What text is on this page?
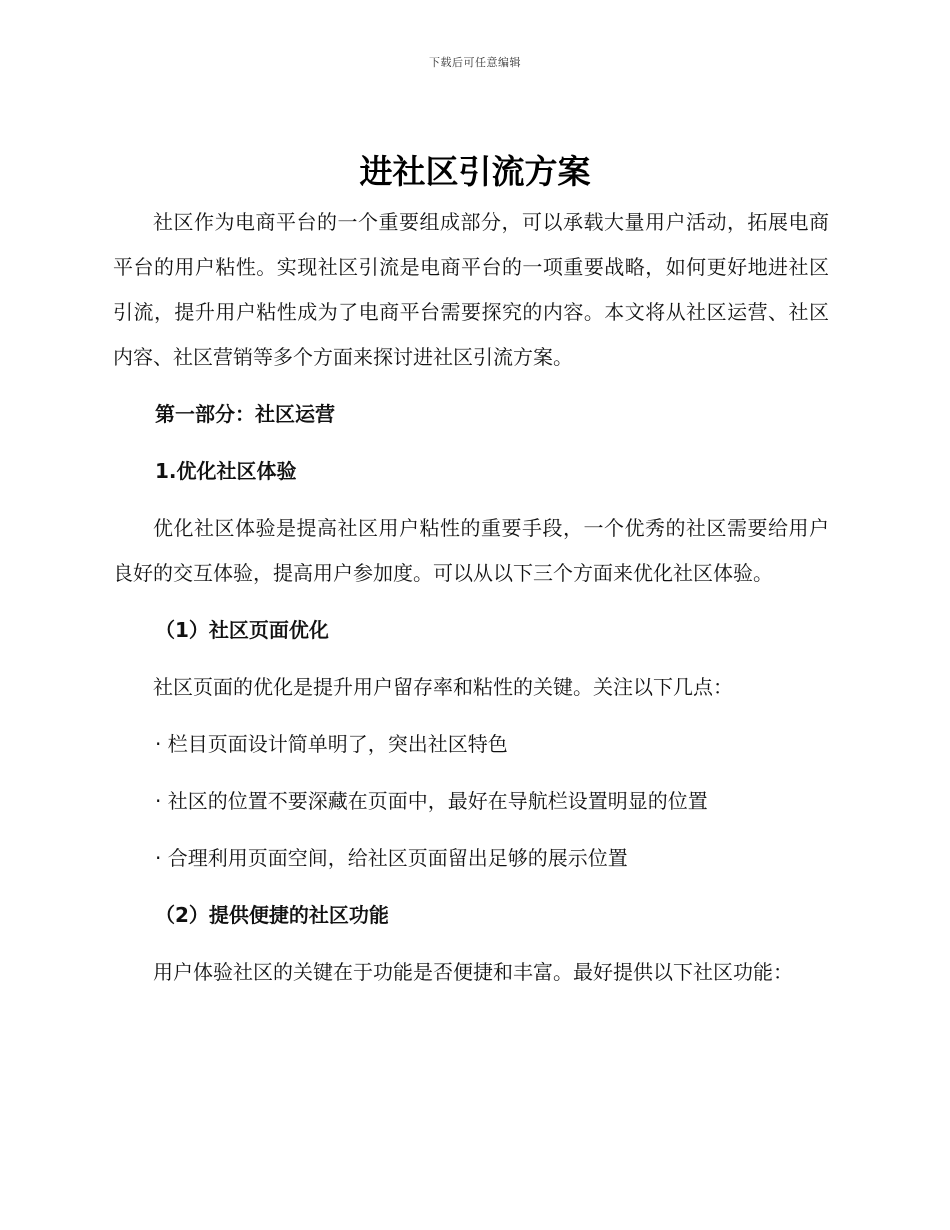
下载后可任意编辑
进社区引流方案

社区作为电商平台的一个重要组成部分，可以承载大量用户活动，拓展电商平台的用户粘性。实现社区引流是电商平台的一项重要战略，如何更好地进社区引流，提升用户粘性成为了电商平台需要探究的内容。本文将从社区运营、社区内容、社区营销等多个方面来探讨进社区引流方案。

第一部分：社区运营

1.优化社区体验

优化社区体验是提高社区用户粘性的重要手段，一个优秀的社区需要给用户良好的交互体验，提高用户参加度。可以从以下三个方面来优化社区体验。

（1）社区页面优化

社区页面的优化是提升用户留存率和粘性的关键。关注以下几点：

· 栏目页面设计简单明了，突出社区特色

· 社区的位置不要深藏在页面中，最好在导航栏设置明显的位置

· 合理利用页面空间，给社区页面留出足够的展示位置

（2）提供便捷的社区功能

用户体验社区的关键在于功能是否便捷和丰富。最好提供以下社区功能：
